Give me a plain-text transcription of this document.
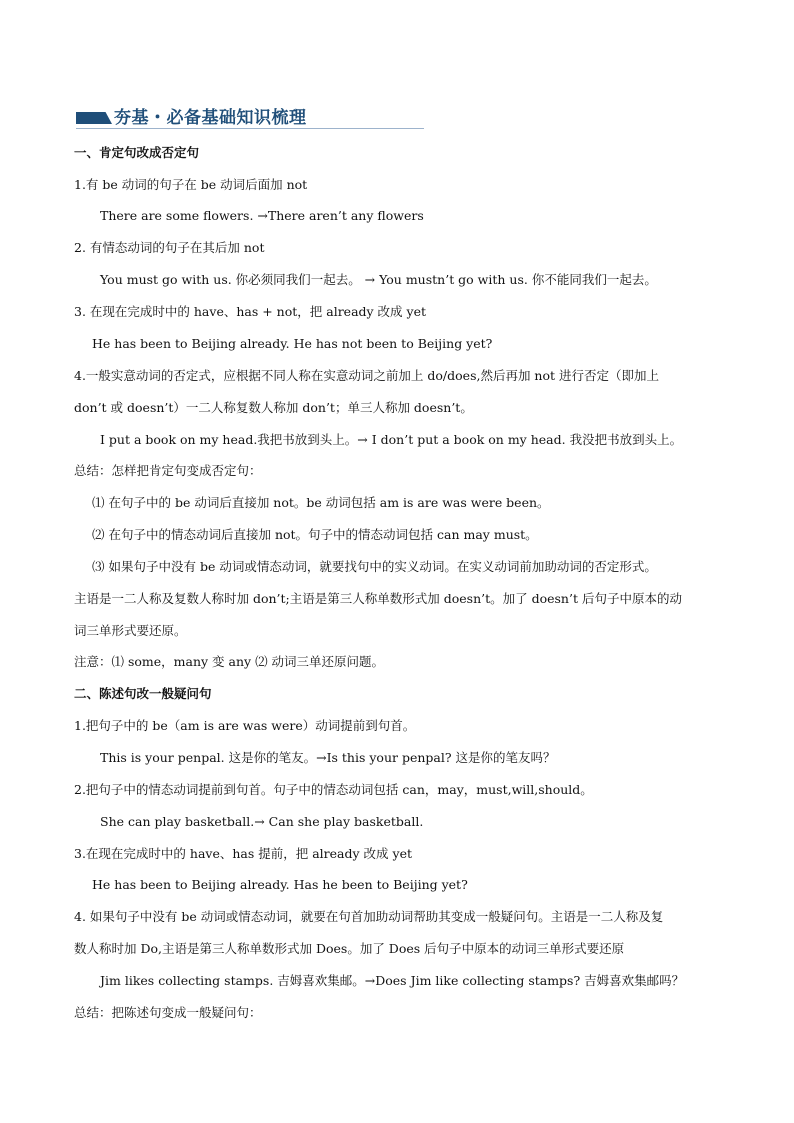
夯基・必备基础知识梳理
一、肯定句改成否定句
1.有 be 动词的句子在 be 动词后面加 not
There are some flowers. →There aren’t any flowers
2. 有情态动词的句子在其后加 not
You must go with us. 你必须同我们一起去。 → You mustn’t go with us. 你不能同我们一起去。
3. 在现在完成时中的 have、has + not，把 already 改成 yet
He has been to Beijing already. He has not been to Beijing yet?
4.一般实意动词的否定式，应根据不同人称在实意动词之前加上 do/does,然后再加 not 进行否定（即加上
don’t 或 doesn’t）一二人称复数人称加 don’t；单三人称加 doesn’t。
I put a book on my head.我把书放到头上。→ I don’t put a book on my head. 我没把书放到头上。
总结：怎样把肯定句变成否定句：
⑴ 在句子中的 be 动词后直接加 not。be 动词包括 am is are was were been。
⑵ 在句子中的情态动词后直接加 not。句子中的情态动词包括 can may must。
⑶ 如果句子中没有 be 动词或情态动词，就要找句中的实义动词。在实义动词前加助动词的否定形式。
主语是一二人称及复数人称时加 don’t;主语是第三人称单数形式加 doesn’t。加了 doesn’t 后句子中原本的动
词三单形式要还原。
注意：⑴ some，many 变 any ⑵ 动词三单还原问题。
二、陈述句改一般疑问句
1.把句子中的 be（am is are was were）动词提前到句首。
This is your penpal. 这是你的笔友。→Is this your penpal? 这是你的笔友吗？
2.把句子中的情态动词提前到句首。句子中的情态动词包括 can，may，must,will,should。
She can play basketball.→ Can she play basketball.
3.在现在完成时中的 have、has 提前，把 already 改成 yet
He has been to Beijing already. Has he been to Beijing yet?
4. 如果句子中没有 be 动词或情态动词，就要在句首加助动词帮助其变成一般疑问句。主语是一二人称及复
数人称时加 Do,主语是第三人称单数形式加 Does。加了 Does 后句子中原本的动词三单形式要还原
Jim likes collecting stamps. 吉姆喜欢集邮。→Does Jim like collecting stamps? 吉姆喜欢集邮吗？
总结：把陈述句变成一般疑问句：
